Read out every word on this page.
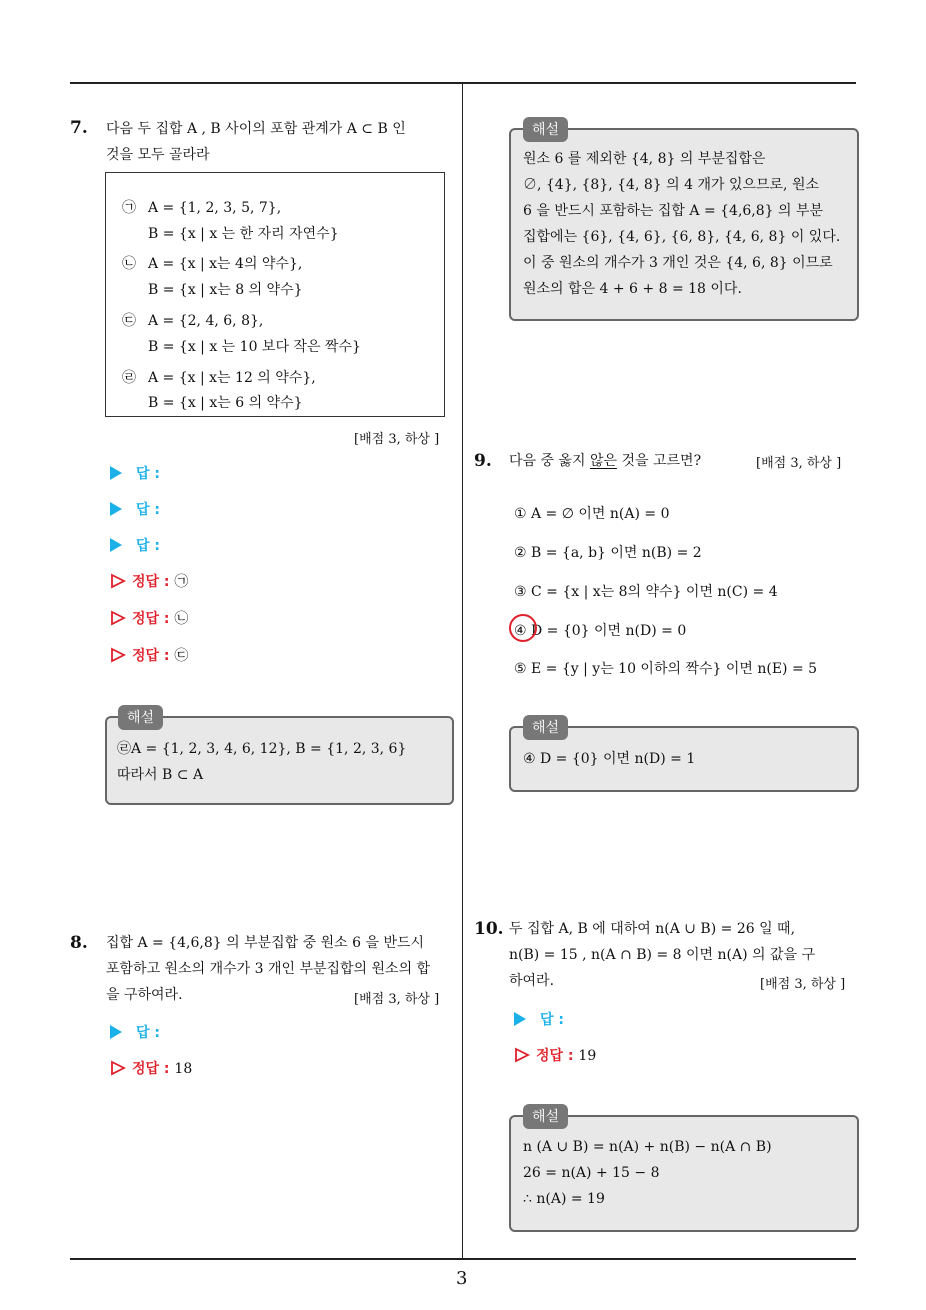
3
7. 다음 두 집합 A , B 사이의 포함 관계가 A ⊂ B 인
것을 모두 골라라
㉠ A = {1, 2, 3, 5, 7},
B = {x | x 는 한 자리 자연수}
㉡ A = {x | x는 4의 약수},
B = {x | x는 8 의 약수}
㉢ A = {2, 4, 6, 8},
B = {x | x 는 10 보다 작은 짝수}
㉣ A = {x | x는 12 의 약수},
B = {x | x는 6 의 약수}
[배점 3, 하상 ]
답 :
답 :
답 :
정답 : ㉠
정답 : ㉡
정답 : ㉢
㉣A = {1, 2, 3, 4, 6, 12}, B = {1, 2, 3, 6}
따라서 B ⊂ A
해설
8. 집합 A = {4,6,8} 의 부분집합 중 원소 6 을 반드시
포함하고 원소의 개수가 3 개인 부분집합의 원소의 합
을 구하여라.	[배점 3, 하상 ]
답 :
정답 : 18
원소 6 를 제외한 {4, 8} 의 부분집합은
∅, {4}, {8}, {4, 8} 의 4 개가 있으므로, 원소
6 을 반드시 포함하는 집합 A = {4,6,8} 의 부분
집합에는 {6}, {4, 6}, {6, 8}, {4, 6, 8} 이 있다.
이 중 원소의 개수가 3 개인 것은 {4, 6, 8} 이므로
원소의 합은 4 + 6 + 8 = 18 이다.
해설
9. 다음 중 옳지 않은 것을 고르면?	[배점 3, 하상 ]
① A = ∅ 이면 n(A) = 0
② B = {a, b} 이면 n(B) = 2
③ C = {x | x는 8의 약수} 이면 n(C) = 4
④ D = {0} 이면 n(D) = 0
⑤ E = {y | y는 10 이하의 짝수} 이면 n(E) = 5
④ D = {0} 이면 n(D) = 1
해설
10. 두 집합 A, B 에 대하여 n(A ∪ B) = 26 일 때,
n(B) = 15 , n(A ∩ B) = 8 이면 n(A) 의 값을 구
하여라.	[배점 3, 하상 ]
답 :
정답 : 19
n (A ∪ B) = n(A) + n(B) − n(A ∩ B)
26 = n(A) + 15 − 8
∴ n(A) = 19
해설
